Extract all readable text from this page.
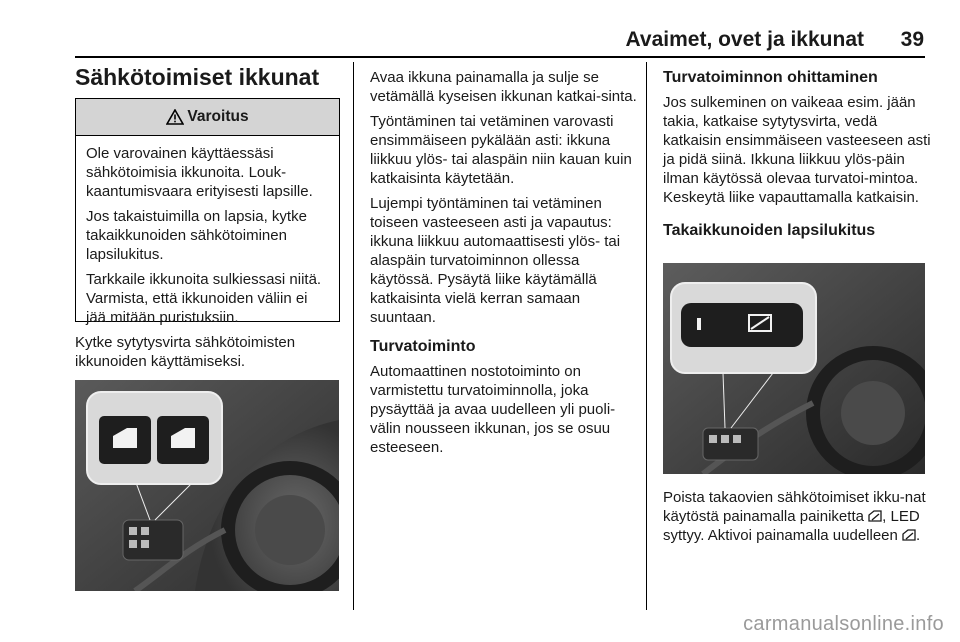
Avaimet, ovet ja ikkunat 39
Sähkötoimiset ikkunat
Varoitus

Ole varovainen käyttäessäsi sähkötoimisia ikkunoita. Louk-kaantumisvaara erityisesti lapsille.

Jos takaistuimilla on lapsia, kytke takaikkunoiden sähkötoiminen lapsilukitus.

Tarkkaile ikkunoita sulkiessasi niitä. Varmista, että ikkunoiden väliin ei jää mitään puristuksiin.

Kytke sytytysvirta sähkötoimisten ikkunoiden käyttämiseksi.

Avaa ikkuna painamalla ja sulje se vetämällä kyseisen ikkunan katkai-sinta.

Työntäminen tai vetäminen varovasti ensimmäiseen pykälään asti: ikkuna liikkuu ylös- tai alaspäin niin kauan kuin katkaisinta käytetään.

Lujempi työntäminen tai vetäminen toiseen vasteeseen asti ja vapautus: ikkuna liikkuu automaattisesti ylös- tai alaspäin turvatoiminnon ollessa käytössä. Pysäytä liike käytämällä katkaisinta vielä kerran samaan suuntaan.

Turvatoiminto

Automaattinen nostotoiminto on varmistettu turvatoiminnolla, joka pysäyttää ja avaa uudelleen yli puoli-välin nousseen ikkunan, jos se osuu esteeseen.

Turvatoiminnon ohittaminen

Jos sulkeminen on vaikeaa esim. jään takia, katkaise sytytysvirta, vedä katkaisin ensimmäiseen vasteeseen asti ja pidä siinä. Ikkuna liikkuu ylös-päin ilman käytössä olevaa turvatoi-mintoa. Keskeytä liike vapauttamalla katkaisin.

Takaikkunoiden lapsilukitus
Poista takaovien sähkötoimiset ikku-nat käytöstä painamalla painiketta , LED syttyy. Aktivoi painamalla uudelleen .
carmanualsonline.info
